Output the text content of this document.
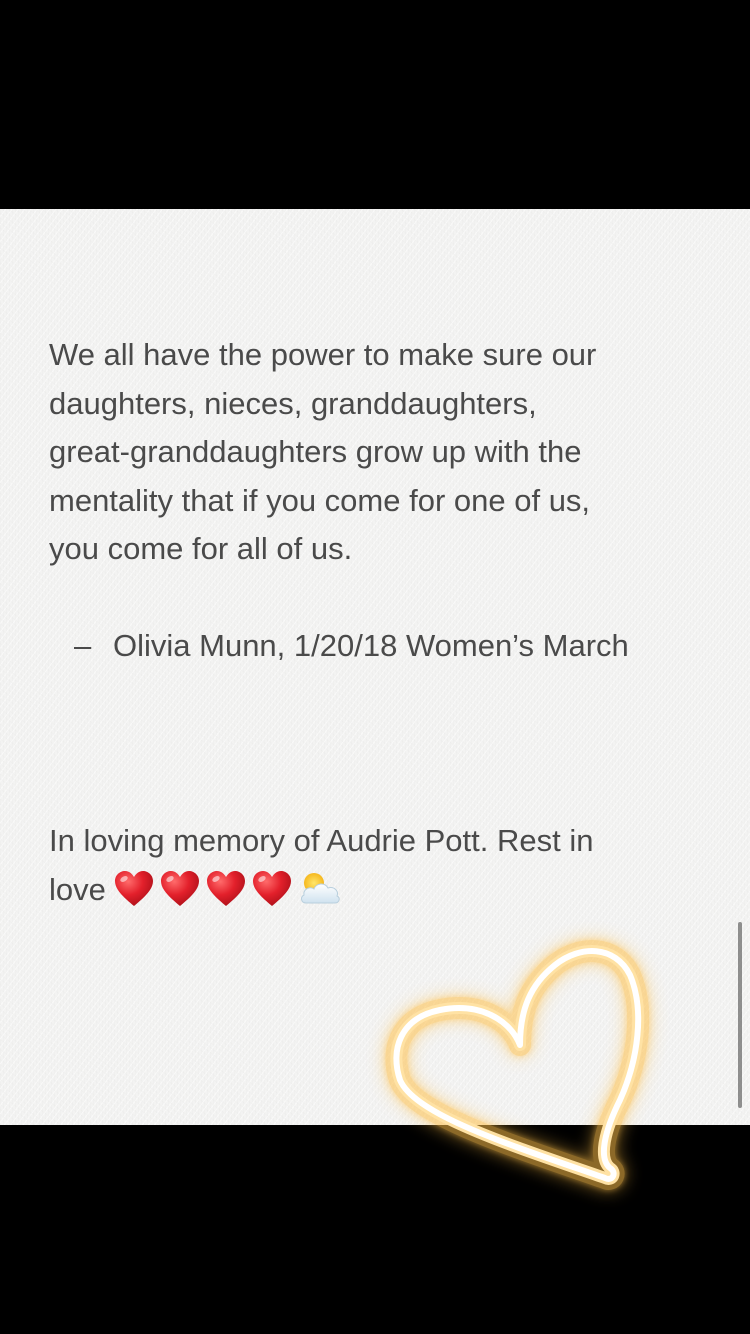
We all have the power to make sure our
daughters, nieces, granddaughters,
great-granddaughters grow up with the
mentality that if you come for one of us,
you come for all of us.
– Olivia Munn, 1/20/18 Women’s March
In loving memory of Audrie Pott. Rest in
love
